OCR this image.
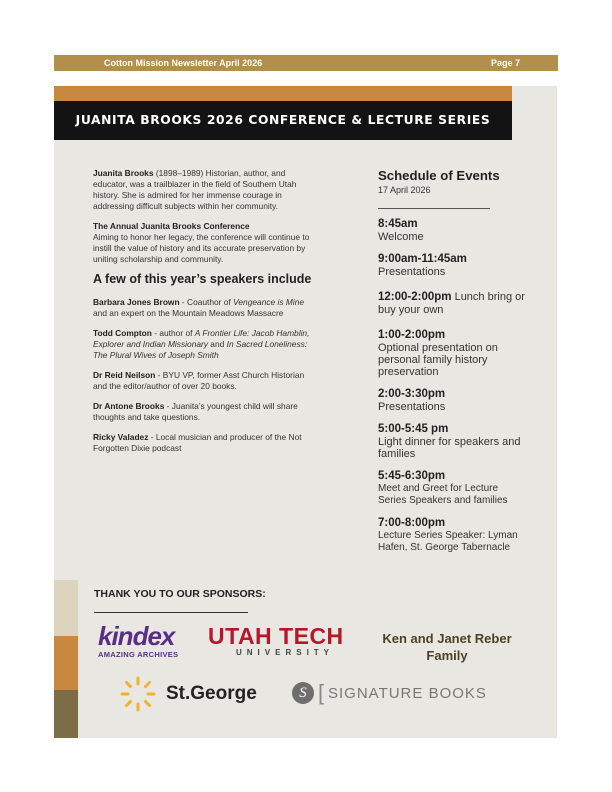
Cotton Mission Newsletter April 2026	Page 7
JUANITA BROOKS 2026 CONFERENCE & LECTURE SERIES

Juanita Brooks (1898–1989) Historian, author, and educator, was a trailblazer in the field of Southern Utah history. She is admired for her immense courage in addressing difficult subjects within her community.

The Annual Juanita Brooks Conference
Aiming to honor her legacy, the conference will continue to instill the value of history and its accurate preservation by uniting scholarship and community.

A few of this year’s speakers include

Barbara Jones Brown - Coauthor of Vengeance is Mine and an expert on the Mountain Meadows Massacre

Todd Compton - author of A Frontier Life: Jacob Hamblin, Explorer and Indian Missionary and In Sacred Loneliness: The Plural Wives of Joseph Smith

Dr Reid Neilson - BYU VP, former Asst Church Historian and the editor/author of over 20 books.

Dr Antone Brooks - Juanita’s youngest child will share thoughts and take questions.

Ricky Valadez - Local musician and producer of the Not Forgotten Dixie podcast

Schedule of Events
17 April 2026
8:45am
Welcome
9:00am-11:45am
Presentations
12:00-2:00pm Lunch bring or buy your own
1:00-2:00pm
Optional presentation on personal family history preservation
2:00-3:30pm
Presentations
5:00-5:45 pm
Light dinner for speakers and families
5:45-6:30pm
Meet and Greet for Lecture Series Speakers and families
7:00-8:00pm
Lecture Series Speaker: Lyman Hafen, St. George Tabernacle
THANK YOU TO OUR SPONSORS:
kindex
AMAZING ARCHIVES
UTAH TECH
UNIVERSITY
Ken and Janet Reber Family
St.George	S [ SIGNATURE BOOKS
